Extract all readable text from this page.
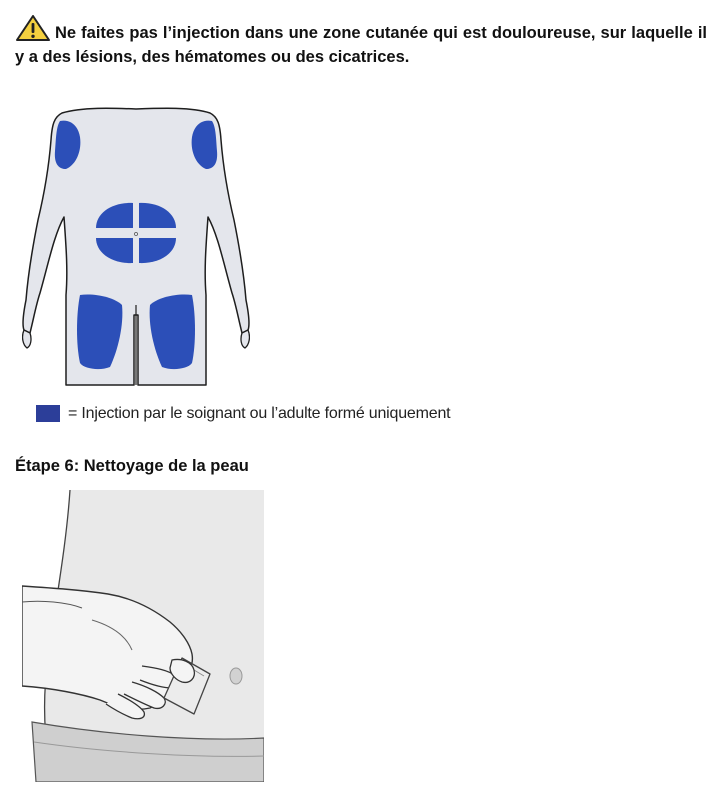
Ne faites pas l’injection dans une zone cutanée qui est douloureuse, sur laquelle il y a des lésions, des hématomes ou des cicatrices.
o
= Injection par le soignant ou l’adulte formé uniquement
Étape 6: Nettoyage de la peau
